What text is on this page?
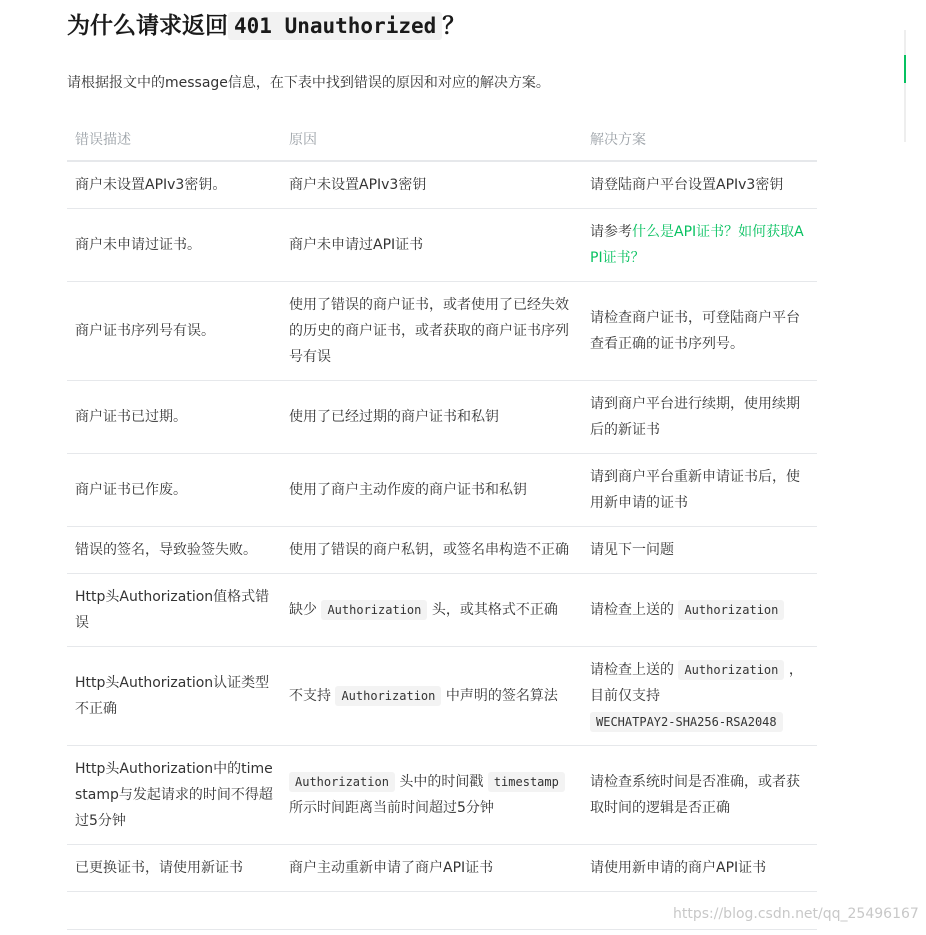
为什么请求返回 401 Unauthorized ？

请根据报文中的message信息，在下表中找到错误的原因和对应的解决方案。

错误描述	原因	解决方案
商户未设置APIv3密钥。	商户未设置APIv3密钥	请登陆商户平台设置APIv3密钥
商户未申请过证书。	商户未申请过API证书	请参考什么是API证书？如何获取API证书？
商户证书序列号有误。	使用了错误的商户证书，或者使用了已经失效的历史的商户证书，或者获取的商户证书序列号有误	请检查商户证书，可登陆商户平台查看正确的证书序列号。
商户证书已过期。	使用了已经过期的商户证书和私钥	请到商户平台进行续期，使用续期后的新证书
商户证书已作废。	使用了商户主动作废的商户证书和私钥	请到商户平台重新申请证书后，使用新申请的证书
错误的签名，导致验签失败。	使用了错误的商户私钥，或签名串构造不正确	请见下一问题
Http头Authorization值格式错误	缺少 Authorization 头，或其格式不正确	请检查上送的 Authorization
Http头Authorization认证类型不正确	不支持 Authorization 中声明的签名算法	请检查上送的 Authorization ，目前仅支持 WECHATPAY2-SHA256-RSA2048
Http头Authorization中的timestamp与发起请求的时间不得超过5分钟	Authorization 头中的时间戳 timestamp 所示时间距离当前时间超过5分钟	请检查系统时间是否准确，或者获取时间的逻辑是否正确
已更换证书，请使用新证书	商户主动重新申请了商户API证书	请使用新申请的商户API证书
https://blog.csdn.net/qq_25496167
